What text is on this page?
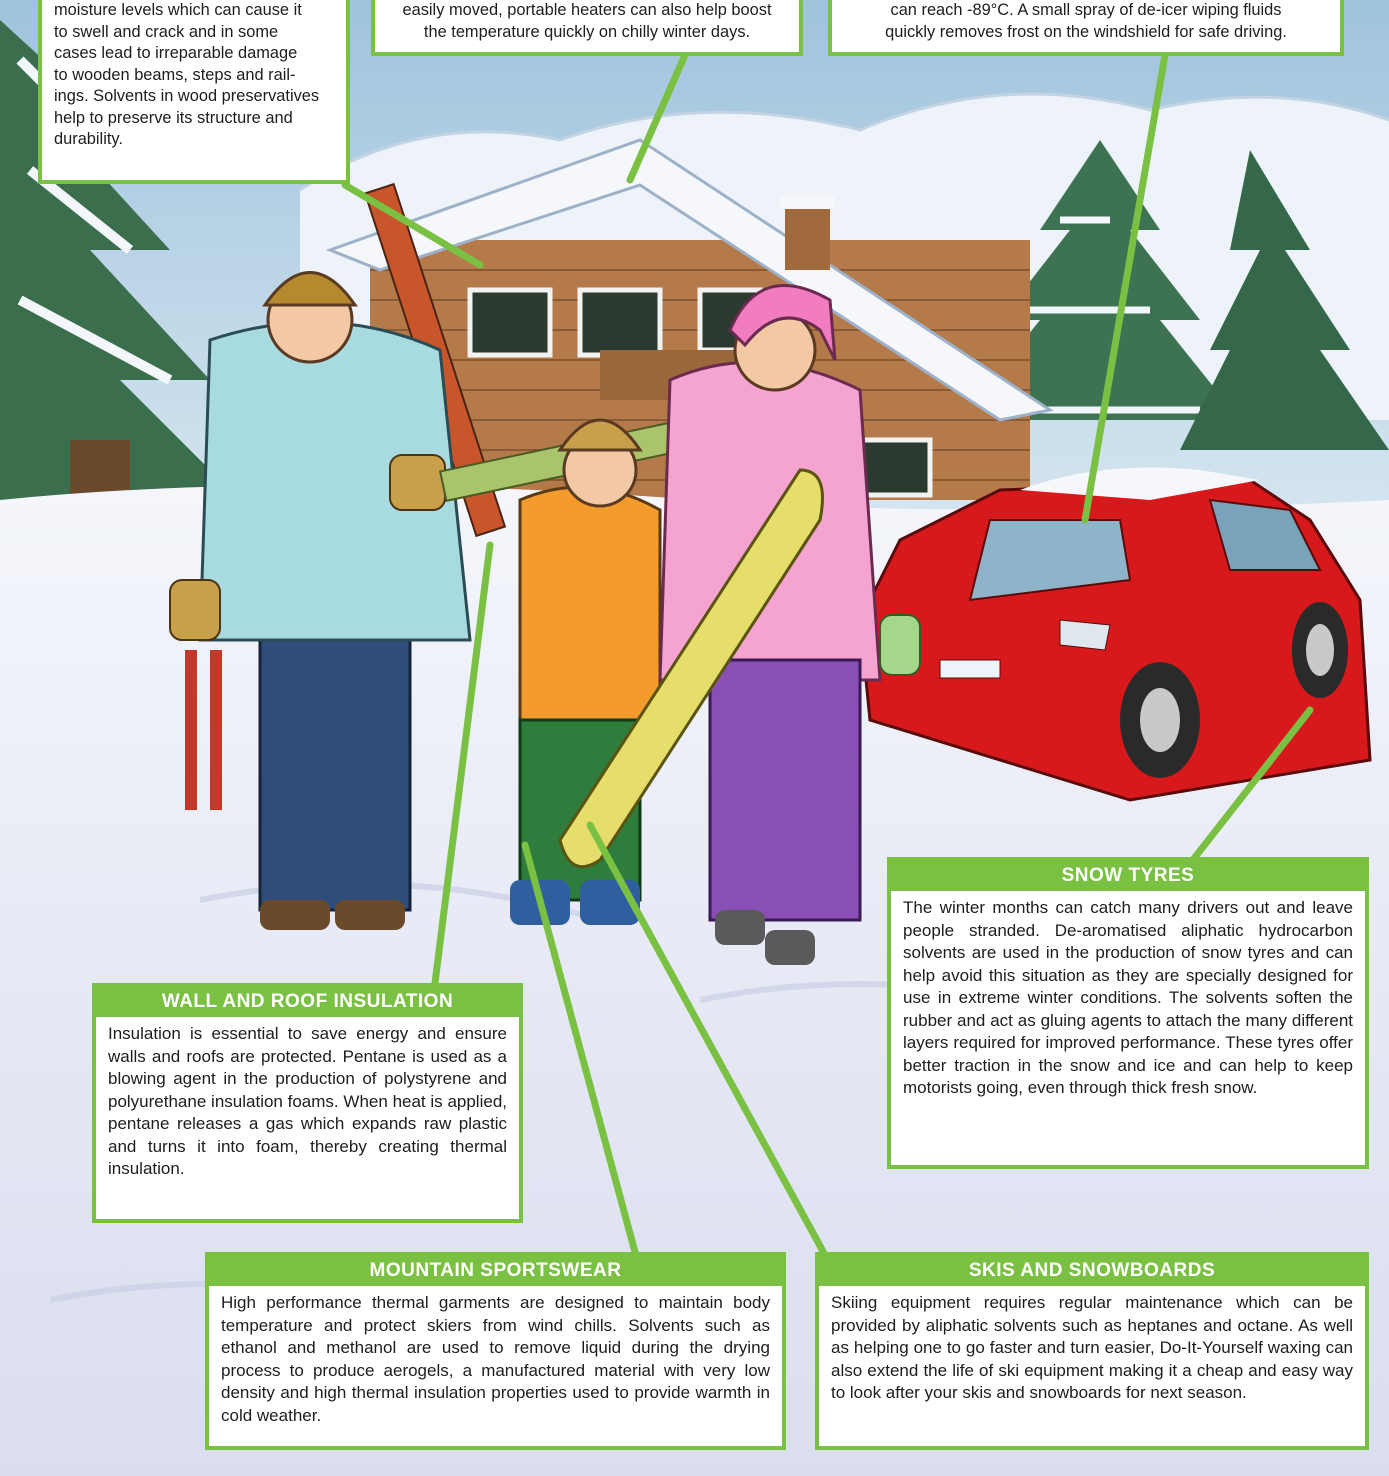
moisture levels which can cause it
to swell and crack and in some
cases lead to irreparable damage
to wooden beams, steps and rail-
ings. Solvents in wood preservatives
help to preserve its structure and
durability.
easily moved, portable heaters can also help boost
the temperature quickly on chilly winter days.
can reach -89°C. A small spray of de-icer wiping fluids
quickly removes frost on the windshield for safe driving.
SNOW TYRES
The winter months can catch many drivers out and leave people stranded. De-aromatised aliphatic hydrocarbon solvents are used in the production of snow tyres and can help avoid this situation as they are specially designed for use in extreme winter conditions. The solvents soften the rubber and act as gluing agents to attach the many different layers required for improved performance. These tyres offer better traction in the snow and ice and can help to keep motorists going, even through thick fresh snow.
WALL AND ROOF INSULATION
Insulation is essential to save energy and ensure walls and roofs are protected. Pentane is used as a blowing agent in the production of polystyrene and polyurethane insulation foams. When heat is applied, pentane releases a gas which expands raw plastic and turns it into foam, thereby creating thermal insulation.
MOUNTAIN SPORTSWEAR
High performance thermal garments are designed to maintain body temperature and protect skiers from wind chills. Solvents such as ethanol and methanol are used to remove liquid during the drying process to produce aerogels, a manufactured material with very low density and high thermal insulation properties used to provide warmth in cold weather.
SKIS AND SNOWBOARDS
Skiing equipment requires regular maintenance which can be provided by aliphatic solvents such as heptanes and octane. As well as helping one to go faster and turn easier, Do-It-Yourself waxing can also extend the life of ski equipment making it a cheap and easy way to look after your skis and snowboards for next season.
